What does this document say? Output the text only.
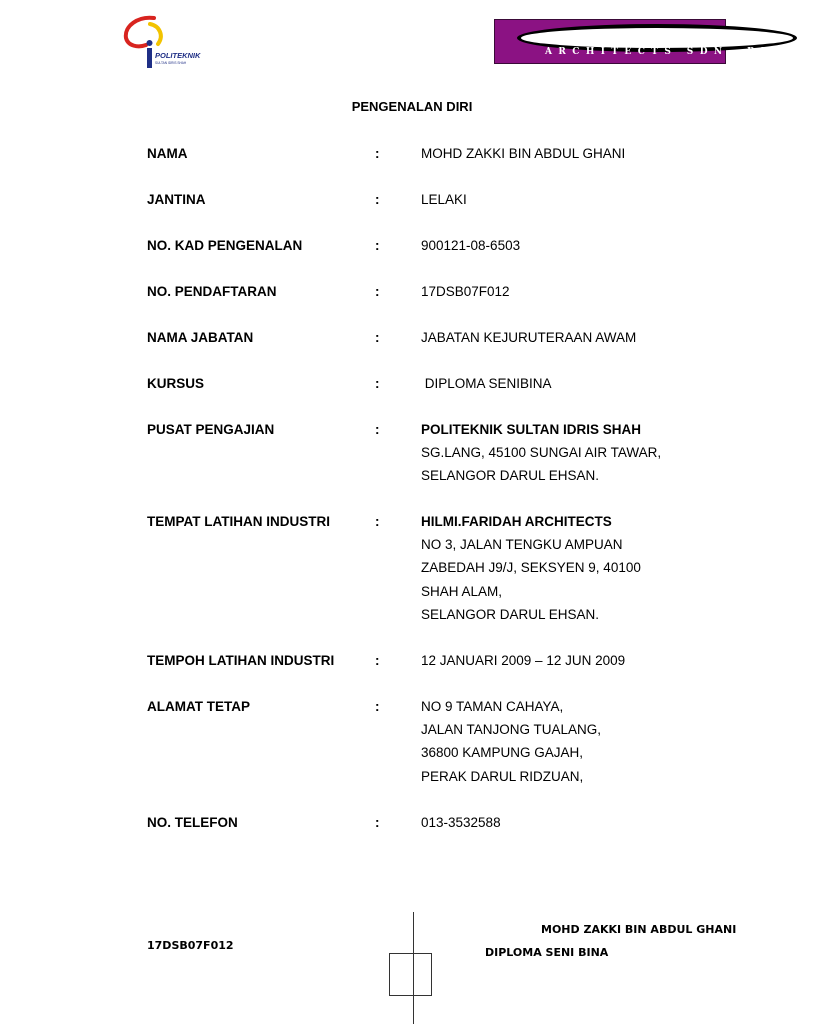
POLITEKNIK
SULTAN IDRIS SHAH
ARCHITECTS SDN. BHD
PENGENALAN DIRI
NAMA	:	MOHD ZAKKI BIN ABDUL GHANI
JANTINA	:	LELAKI
NO. KAD PENGENALAN	:	900121-08-6503
NO. PENDAFTARAN	:	17DSB07F012
NAMA JABATAN	:	JABATAN KEJURUTERAAN AWAM
KURSUS	:	DIPLOMA SENIBINA
PUSAT PENGAJIAN	:	POLITEKNIK SULTAN IDRIS SHAH
SG.LANG, 45100 SUNGAI AIR TAWAR,
SELANGOR DARUL EHSAN.
TEMPAT LATIHAN INDUSTRI	:	HILMI.FARIDAH ARCHITECTS
NO 3, JALAN TENGKU AMPUAN
ZABEDAH J9/J, SEKSYEN 9, 40100
SHAH ALAM,
SELANGOR DARUL EHSAN.
TEMPOH LATIHAN INDUSTRI	:	12 JANUARI 2009 – 12 JUN 2009
ALAMAT TETAP	:	NO 9 TAMAN CAHAYA,
JALAN TANJONG TUALANG,
36800 KAMPUNG GAJAH,
PERAK DARUL RIDZUAN,
NO. TELEFON	:	013-3532588
MOHD ZAKKI BIN ABDUL GHANI
17DSB07F012
DIPLOMA SENI BINA
